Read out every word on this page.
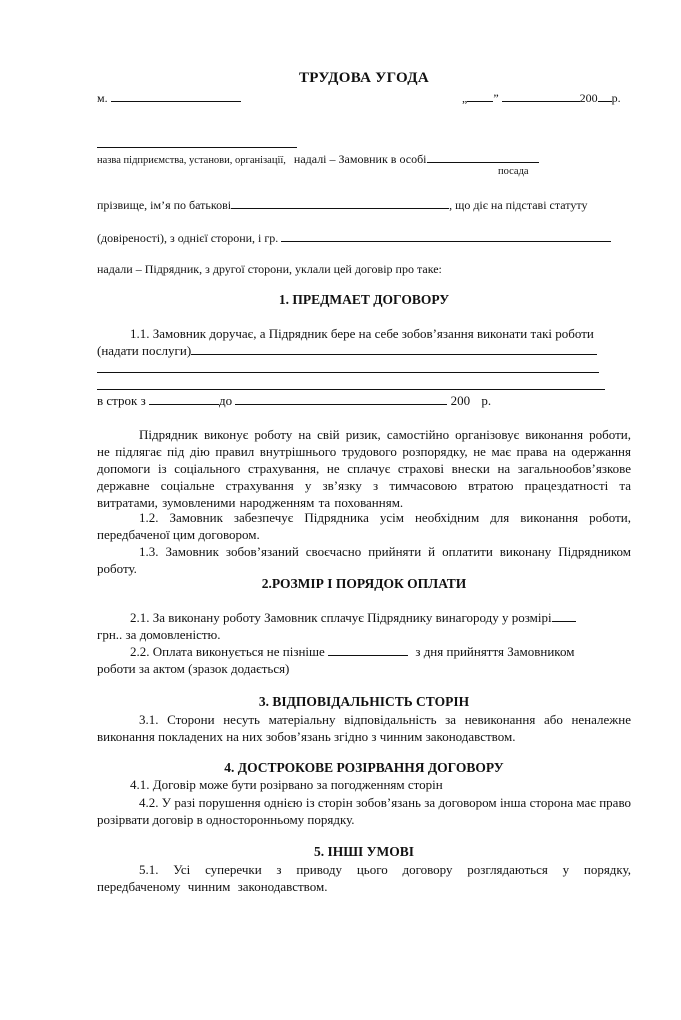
ТРУДОВА УГОДА
м.	„ ”	200 р.
назва підприємства, установи, організації, надалі – Замовник в особі
посада
прізвище, ім’я по батькові	, що діє на підставі статуту
(довіреності), з однієї сторони, і гр.
надали – Підрядник, з другої сторони, уклали цей договір про таке:
1. ПРЕДМАЕТ ДОГОВОРУ
1.1. Замовник доручає, а Підрядник бере на себе зобов’язання виконати такі роботи
(надати послуги)
в строк з	до	200 р.
Підрядник виконує роботу на свій ризик, самостійно організовує виконання роботи, не підлягає під дію правил внутрішнього трудового розпорядку, не має права на одержання допомоги із соціального страхування, не сплачує страхові внески на загальнообов’язкове державне соціальне страхування у зв’язку з тимчасовою втратою працездатності та витратами, зумовленими народженням та похованням.
1.2. Замовник забезпечує Підрядника усім необхідним для виконання роботи, передбаченої цим договором.
1.3. Замовник зобов’язаний своєчасно прийняти й оплатити виконану Підрядником роботу.
2.РОЗМІР І ПОРЯДОК ОПЛАТИ
2.1. За виконану роботу Замовник сплачує Підряднику винагороду у розмірі
грн.. за домовленістю.
2.2. Оплата виконується не пізніше	з дня прийняття Замовником
роботи за актом (зразок додається)
3. ВІДПОВІДАЛЬНІСТЬ СТОРІН
3.1. Сторони несуть матеріальну відповідальність за невиконання або неналежне виконання покладених на них зобов’язань згідно з чинним законодавством.
4. ДОСТРОКОВЕ РОЗІРВАННЯ ДОГОВОРУ
4.1. Договір може бути розірвано за погодженням сторін
4.2. У разі порушення однією із сторін зобов’язань за договором інша сторона має право розірвати договір в односторонньому порядку.
5. ІНШІ УМОВІ
5.1. Усі суперечки з приводу цього договору розглядаються у порядку, передбаченому чинним законодавством.
